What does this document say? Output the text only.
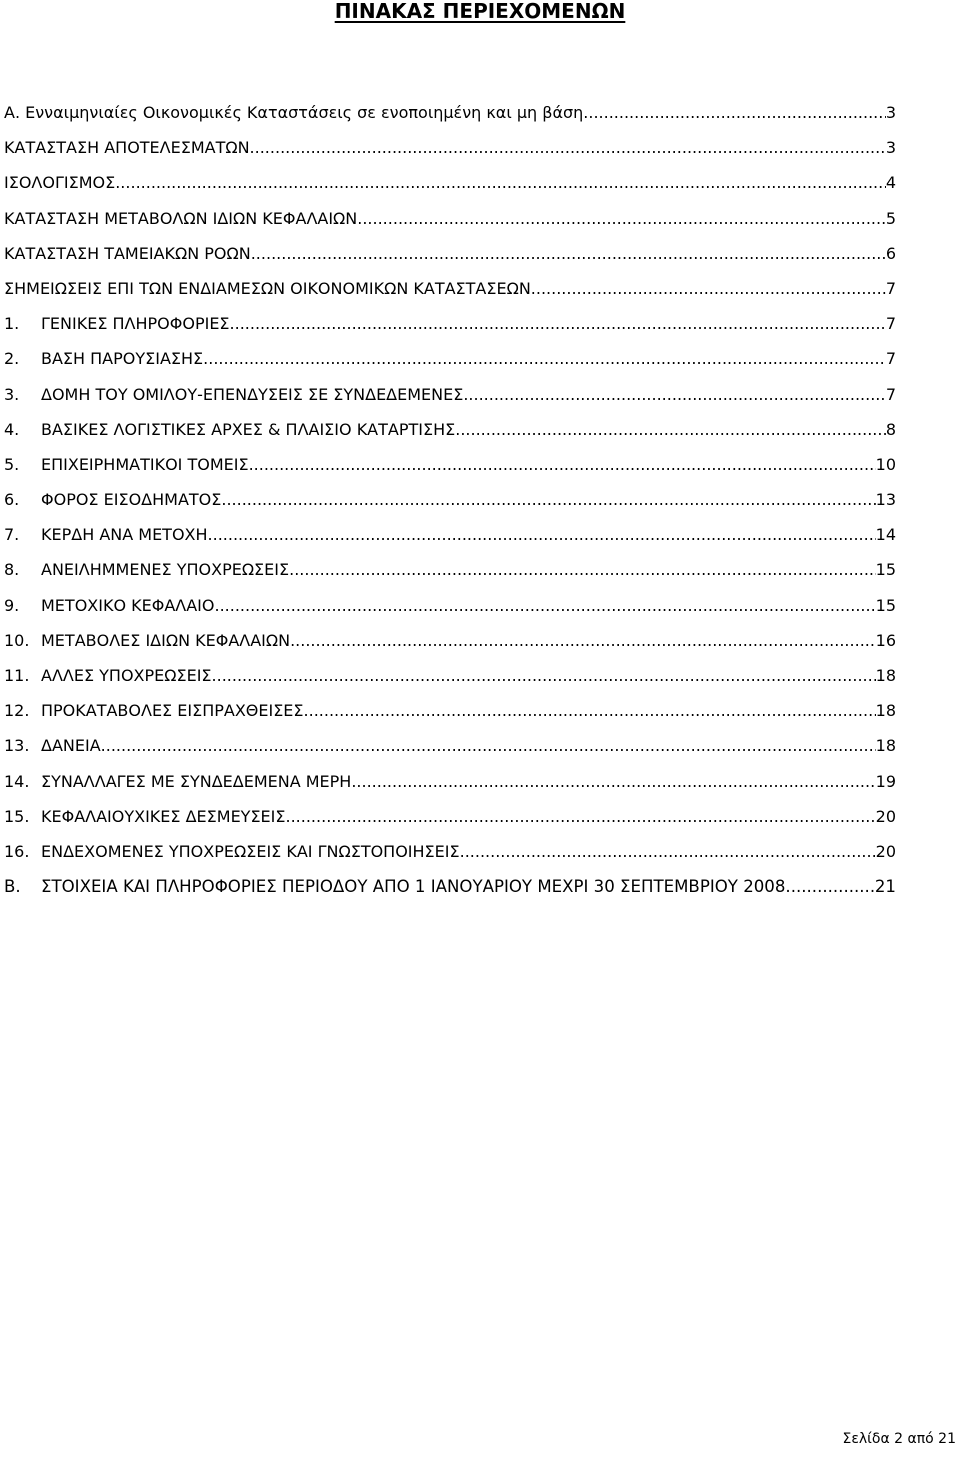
ΠΙΝΑΚΑΣ ΠΕΡΙΕΧΟΜΕΝΩΝ
Α. Ενναιμηνιαίες Οικονομικές Καταστάσεις σε ενοποιημένη και μη βάση .....	3
ΚΑΤΑΣΤΑΣΗ ΑΠΟΤΕΛΕΣΜΑΤΩΝ .....	3
ΙΣΟΛΟΓΙΣΜΟΣ .....	4
ΚΑΤΑΣΤΑΣΗ ΜΕΤΑΒΟΛΩΝ ΙΔΙΩΝ ΚΕΦΑΛΑΙΩΝ .....	5
ΚΑΤΑΣΤΑΣΗ ΤΑΜΕΙΑΚΩΝ ΡΟΩΝ .....	6
ΣΗΜΕΙΩΣΕΙΣ ΕΠΙ ΤΩΝ ΕΝΔΙΑΜΕΣΩΝ ΟΙΚΟΝΟΜΙΚΩΝ ΚΑΤΑΣΤΑΣΕΩΝ .....	7
1.	ΓΕΝΙΚΕΣ ΠΛΗΡΟΦΟΡΙΕΣ .....	7
2.	ΒΑΣΗ ΠΑΡΟΥΣΙΑΣΗΣ .....	7
3.	ΔΟΜΗ ΤΟΥ ΟΜΙΛΟΥ-ΕΠΕΝΔΥΣΕΙΣ ΣΕ ΣΥΝΔΕΔΕΜΕΝΕΣ .....	7
4.	ΒΑΣΙΚΕΣ ΛΟΓΙΣΤΙΚΕΣ ΑΡΧΕΣ & ΠΛΑΙΣΙΟ ΚΑΤΑΡΤΙΣΗΣ .....	8
5.	ΕΠΙΧΕΙΡΗΜΑΤΙΚΟΙ ΤΟΜΕΙΣ .....	10
6.	ΦΟΡΟΣ ΕΙΣΟΔΗΜΑΤΟΣ .....	13
7.	ΚΕΡΔΗ ΑΝΑ ΜΕΤΟΧΗ .....	14
8.	ΑΝΕΙΛΗΜΜΕΝΕΣ ΥΠΟΧΡΕΩΣΕΙΣ .....	15
9.	ΜΕΤΟΧΙΚΟ ΚΕΦΑΛΑΙΟ .....	15
10. ΜΕΤΑΒΟΛΕΣ ΙΔΙΩΝ ΚΕΦΑΛΑΙΩΝ .....	16
11. ΑΛΛΕΣ ΥΠΟΧΡΕΩΣΕΙΣ .....	18
12. ΠΡΟΚΑΤΑΒΟΛΕΣ ΕΙΣΠΡΑΧΘΕΙΣΕΣ .....	18
13. ΔΑΝΕΙΑ .....	18
14. ΣΥΝΑΛΛΑΓΕΣ ΜΕ ΣΥΝΔΕΔΕΜΕΝΑ ΜΕΡΗ .....	19
15. ΚΕΦΑΛΑΙΟΥΧΙΚΕΣ ΔΕΣΜΕΥΣΕΙΣ .....	20
16. ΕΝΔΕΧΟΜΕΝΕΣ ΥΠΟΧΡΕΩΣΕΙΣ ΚΑΙ ΓΝΩΣΤΟΠΟΙΗΣΕΙΣ .....	20
Β.	ΣΤΟΙΧΕΙΑ ΚΑΙ ΠΛΗΡΟΦΟΡΙΕΣ ΠΕΡΙΟΔΟΥ ΑΠΟ 1 ΙΑΝΟΥΑΡΙΟΥ ΜΕΧΡΙ 30 ΣΕΠΤΕΜΒΡΙΟΥ 2008 .....	21
Σελίδα 2 από 21
